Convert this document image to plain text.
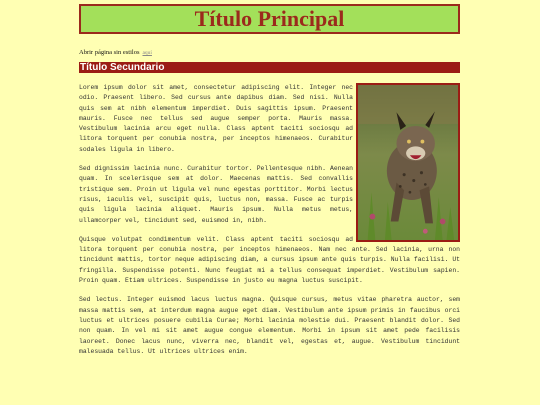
Título Principal
Abrir página sin estilos aquí
Título Secundario

Lorem ipsum dolor sit amet, consectetur adipiscing elit. Integer nec odio. Praesent libero. Sed cursus ante dapibus diam. Sed nisi. Nulla quis sem at nibh elementum imperdiet. Duis sagittis ipsum. Praesent mauris. Fusce nec tellus sed augue semper porta. Mauris massa. Vestibulum lacinia arcu eget nulla. Class aptent taciti sociosqu ad litora torquent per conubia nostra, per inceptos himenaeos. Curabitur sodales ligula in libero.

Sed dignissim lacinia nunc. Curabitur tortor. Pellentesque nibh. Aenean quam. In scelerisque sem at dolor. Maecenas mattis. Sed convallis tristique sem. Proin ut ligula vel nunc egestas porttitor. Morbi lectus risus, iaculis vel, suscipit quis, luctus non, massa. Fusce ac turpis quis ligula lacinia aliquet. Mauris ipsum. Nulla metus metus, ullamcorper vel, tincidunt sed, euismod in, nibh.

Quisque volutpat condimentum velit. Class aptent taciti sociosqu ad litora torquent per conubia nostra, per inceptos himenaeos. Nam nec ante. Sed lacinia, urna non tincidunt mattis, tortor neque adipiscing diam, a cursus ipsum ante quis turpis. Nulla facilisi. Ut fringilla. Suspendisse potenti. Nunc feugiat mi a tellus consequat imperdiet. Vestibulum sapien. Proin quam. Etiam ultrices. Suspendisse in justo eu magna luctus suscipit.

Sed lectus. Integer euismod lacus luctus magna. Quisque cursus, metus vitae pharetra auctor, sem massa mattis sem, at interdum magna augue eget diam. Vestibulum ante ipsum primis in faucibus orci luctus et ultrices posuere cubilia Curae; Morbi lacinia molestie dui. Praesent blandit dolor. Sed non quam. In vel mi sit amet augue congue elementum. Morbi in ipsum sit amet pede facilisis laoreet. Donec lacus nunc, viverra nec, blandit vel, egestas et, augue. Vestibulum tincidunt malesuada tellus. Ut ultrices ultrices enim.
